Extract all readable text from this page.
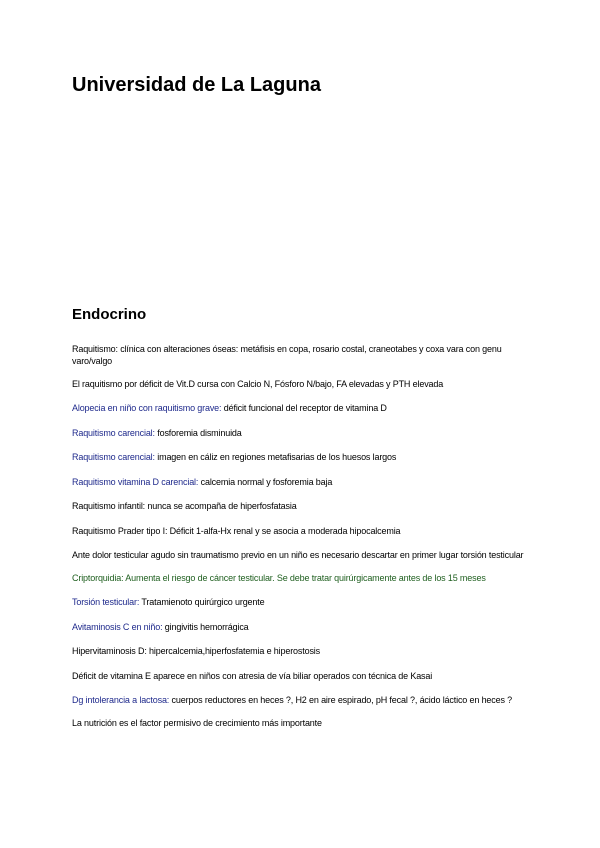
Universidad de La Laguna
Endocrino
Raquitismo: clínica con alteraciones óseas: metáfisis en copa, rosario costal, craneotabes y coxa vara con genu varo/valgo
El raquitismo por déficit de Vit.D cursa con Calcio N, Fósforo N/bajo, FA elevadas y PTH elevada
Alopecia en niño con raquitismo grave: déficit funcional del receptor de vitamina D
Raquitismo carencial: fosforemia disminuida
Raquitismo carencial: imagen en cáliz en regiones metafisarias de los huesos largos
Raquitismo vitamina D carencial: calcemia normal y fosforemia baja
Raquitismo infantil: nunca se acompaña de hiperfosfatasia
Raquitismo Prader tipo I: Déficit 1-alfa-Hx renal y se asocia a moderada hipocalcemia
Ante dolor testicular agudo sin traumatismo previo en un niño es necesario descartar en primer lugar torsión testicular
Criptorquidia: Aumenta el riesgo de cáncer testicular. Se debe tratar quirúrgicamente antes de los 15 meses
Torsión testicular: Tratamienoto quirúrgico urgente
Avitaminosis C en niño: gingivitis hemorrágica
Hipervitaminosis D: hipercalcemia,hiperfosfatemia e hiperostosis
Déficit de vitamina E aparece en niños con atresia de vía biliar operados con técnica de Kasai
Dg intolerancia a lactosa: cuerpos reductores en heces ?, H2 en aire espirado, pH fecal ?, ácido láctico en heces ?
La nutrición es el factor permisivo de crecimiento más importante
